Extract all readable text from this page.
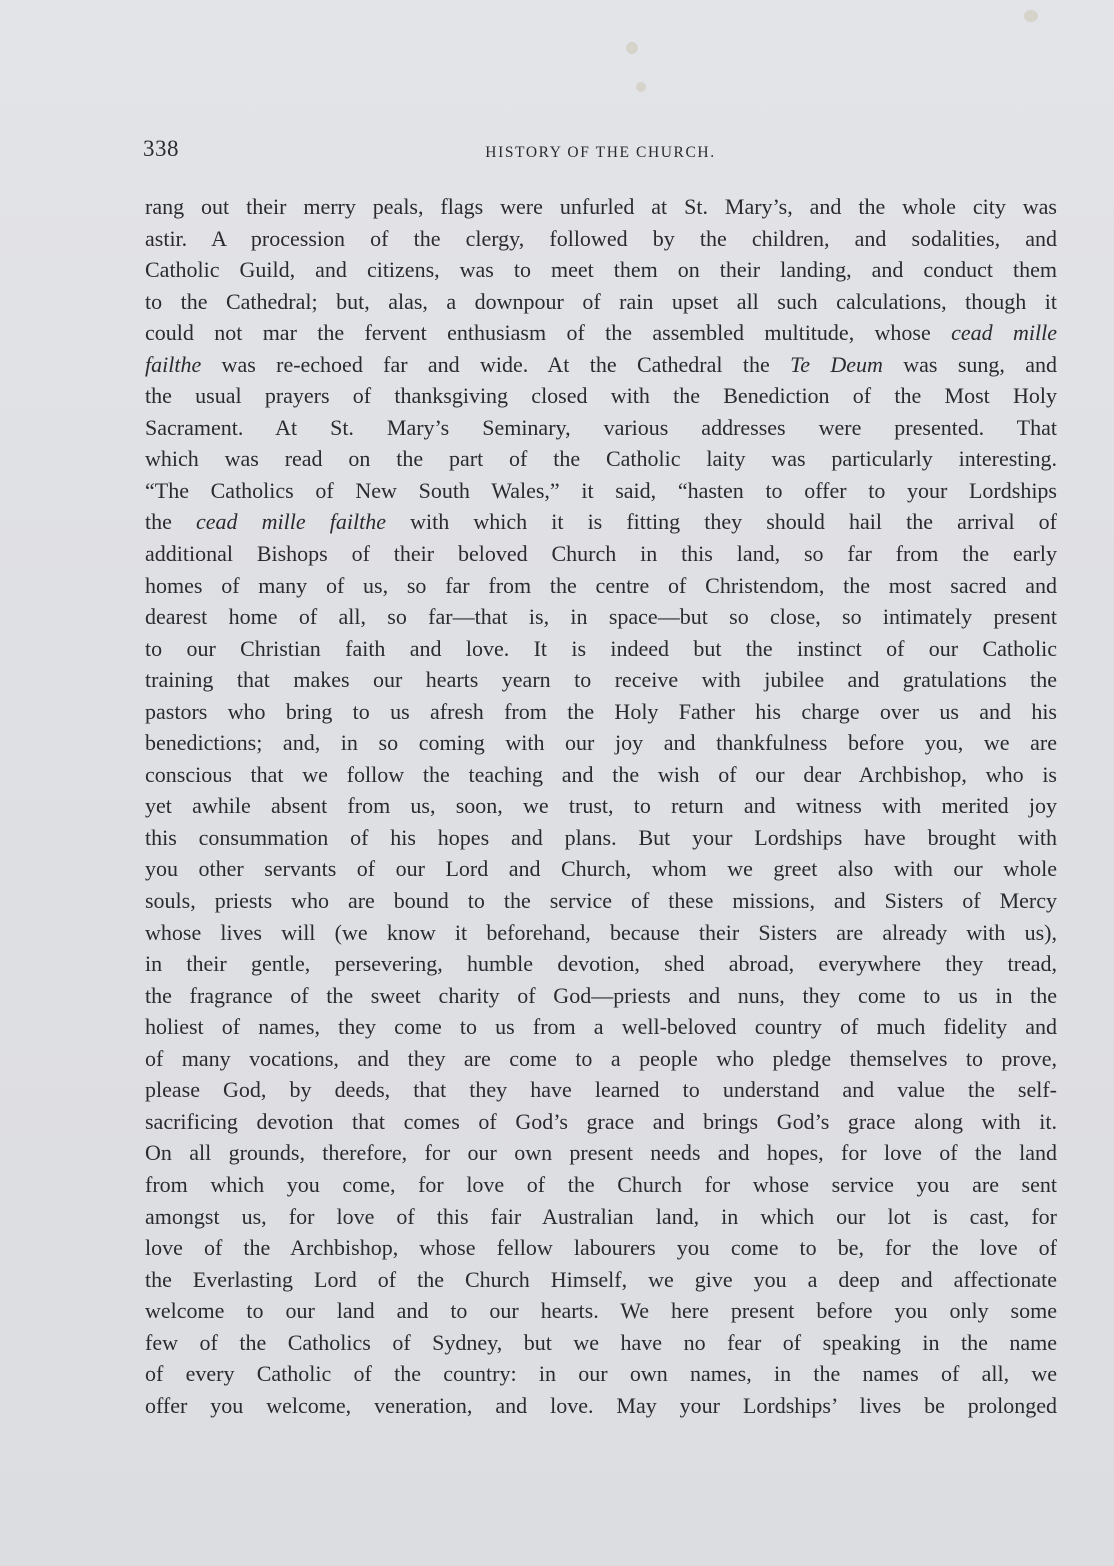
338	HISTORY OF THE CHURCH.
rang out their merry peals, flags were unfurled at St. Mary’s, and the whole city was
astir. A procession of the clergy, followed by the children, and sodalities, and
Catholic Guild, and citizens, was to meet them on their landing, and conduct them
to the Cathedral; but, alas, a downpour of rain upset all such calculations, though it
could not mar the fervent enthusiasm of the assembled multitude, whose cead mille
failthe was re-echoed far and wide. At the Cathedral the Te Deum was sung, and
the usual prayers of thanksgiving closed with the Benediction of the Most Holy
Sacrament. At St. Mary’s Seminary, various addresses were presented. That
which was read on the part of the Catholic laity was particularly interesting.
“The Catholics of New South Wales,” it said, “hasten to offer to your Lordships
the cead mille failthe with which it is fitting they should hail the arrival of
additional Bishops of their beloved Church in this land, so far from the early
homes of many of us, so far from the centre of Christendom, the most sacred and
dearest home of all, so far—that is, in space—but so close, so intimately present
to our Christian faith and love. It is indeed but the instinct of our Catholic
training that makes our hearts yearn to receive with jubilee and gratulations the
pastors who bring to us afresh from the Holy Father his charge over us and his
benedictions; and, in so coming with our joy and thankfulness before you, we are
conscious that we follow the teaching and the wish of our dear Archbishop, who is
yet awhile absent from us, soon, we trust, to return and witness with merited joy
this consummation of his hopes and plans. But your Lordships have brought with
you other servants of our Lord and Church, whom we greet also with our whole
souls, priests who are bound to the service of these missions, and Sisters of Mercy
whose lives will (we know it beforehand, because their Sisters are already with us),
in their gentle, persevering, humble devotion, shed abroad, everywhere they tread,
the fragrance of the sweet charity of God—priests and nuns, they come to us in the
holiest of names, they come to us from a well-beloved country of much fidelity and
of many vocations, and they are come to a people who pledge themselves to prove,
please God, by deeds, that they have learned to understand and value the self-
sacrificing devotion that comes of God’s grace and brings God’s grace along with it.
On all grounds, therefore, for our own present needs and hopes, for love of the land
from which you come, for love of the Church for whose service you are sent
amongst us, for love of this fair Australian land, in which our lot is cast, for
love of the Archbishop, whose fellow labourers you come to be, for the love of
the Everlasting Lord of the Church Himself, we give you a deep and affectionate
welcome to our land and to our hearts. We here present before you only some
few of the Catholics of Sydney, but we have no fear of speaking in the name
of every Catholic of the country: in our own names, in the names of all, we
offer you welcome, veneration, and love. May your Lordships’ lives be prolonged
